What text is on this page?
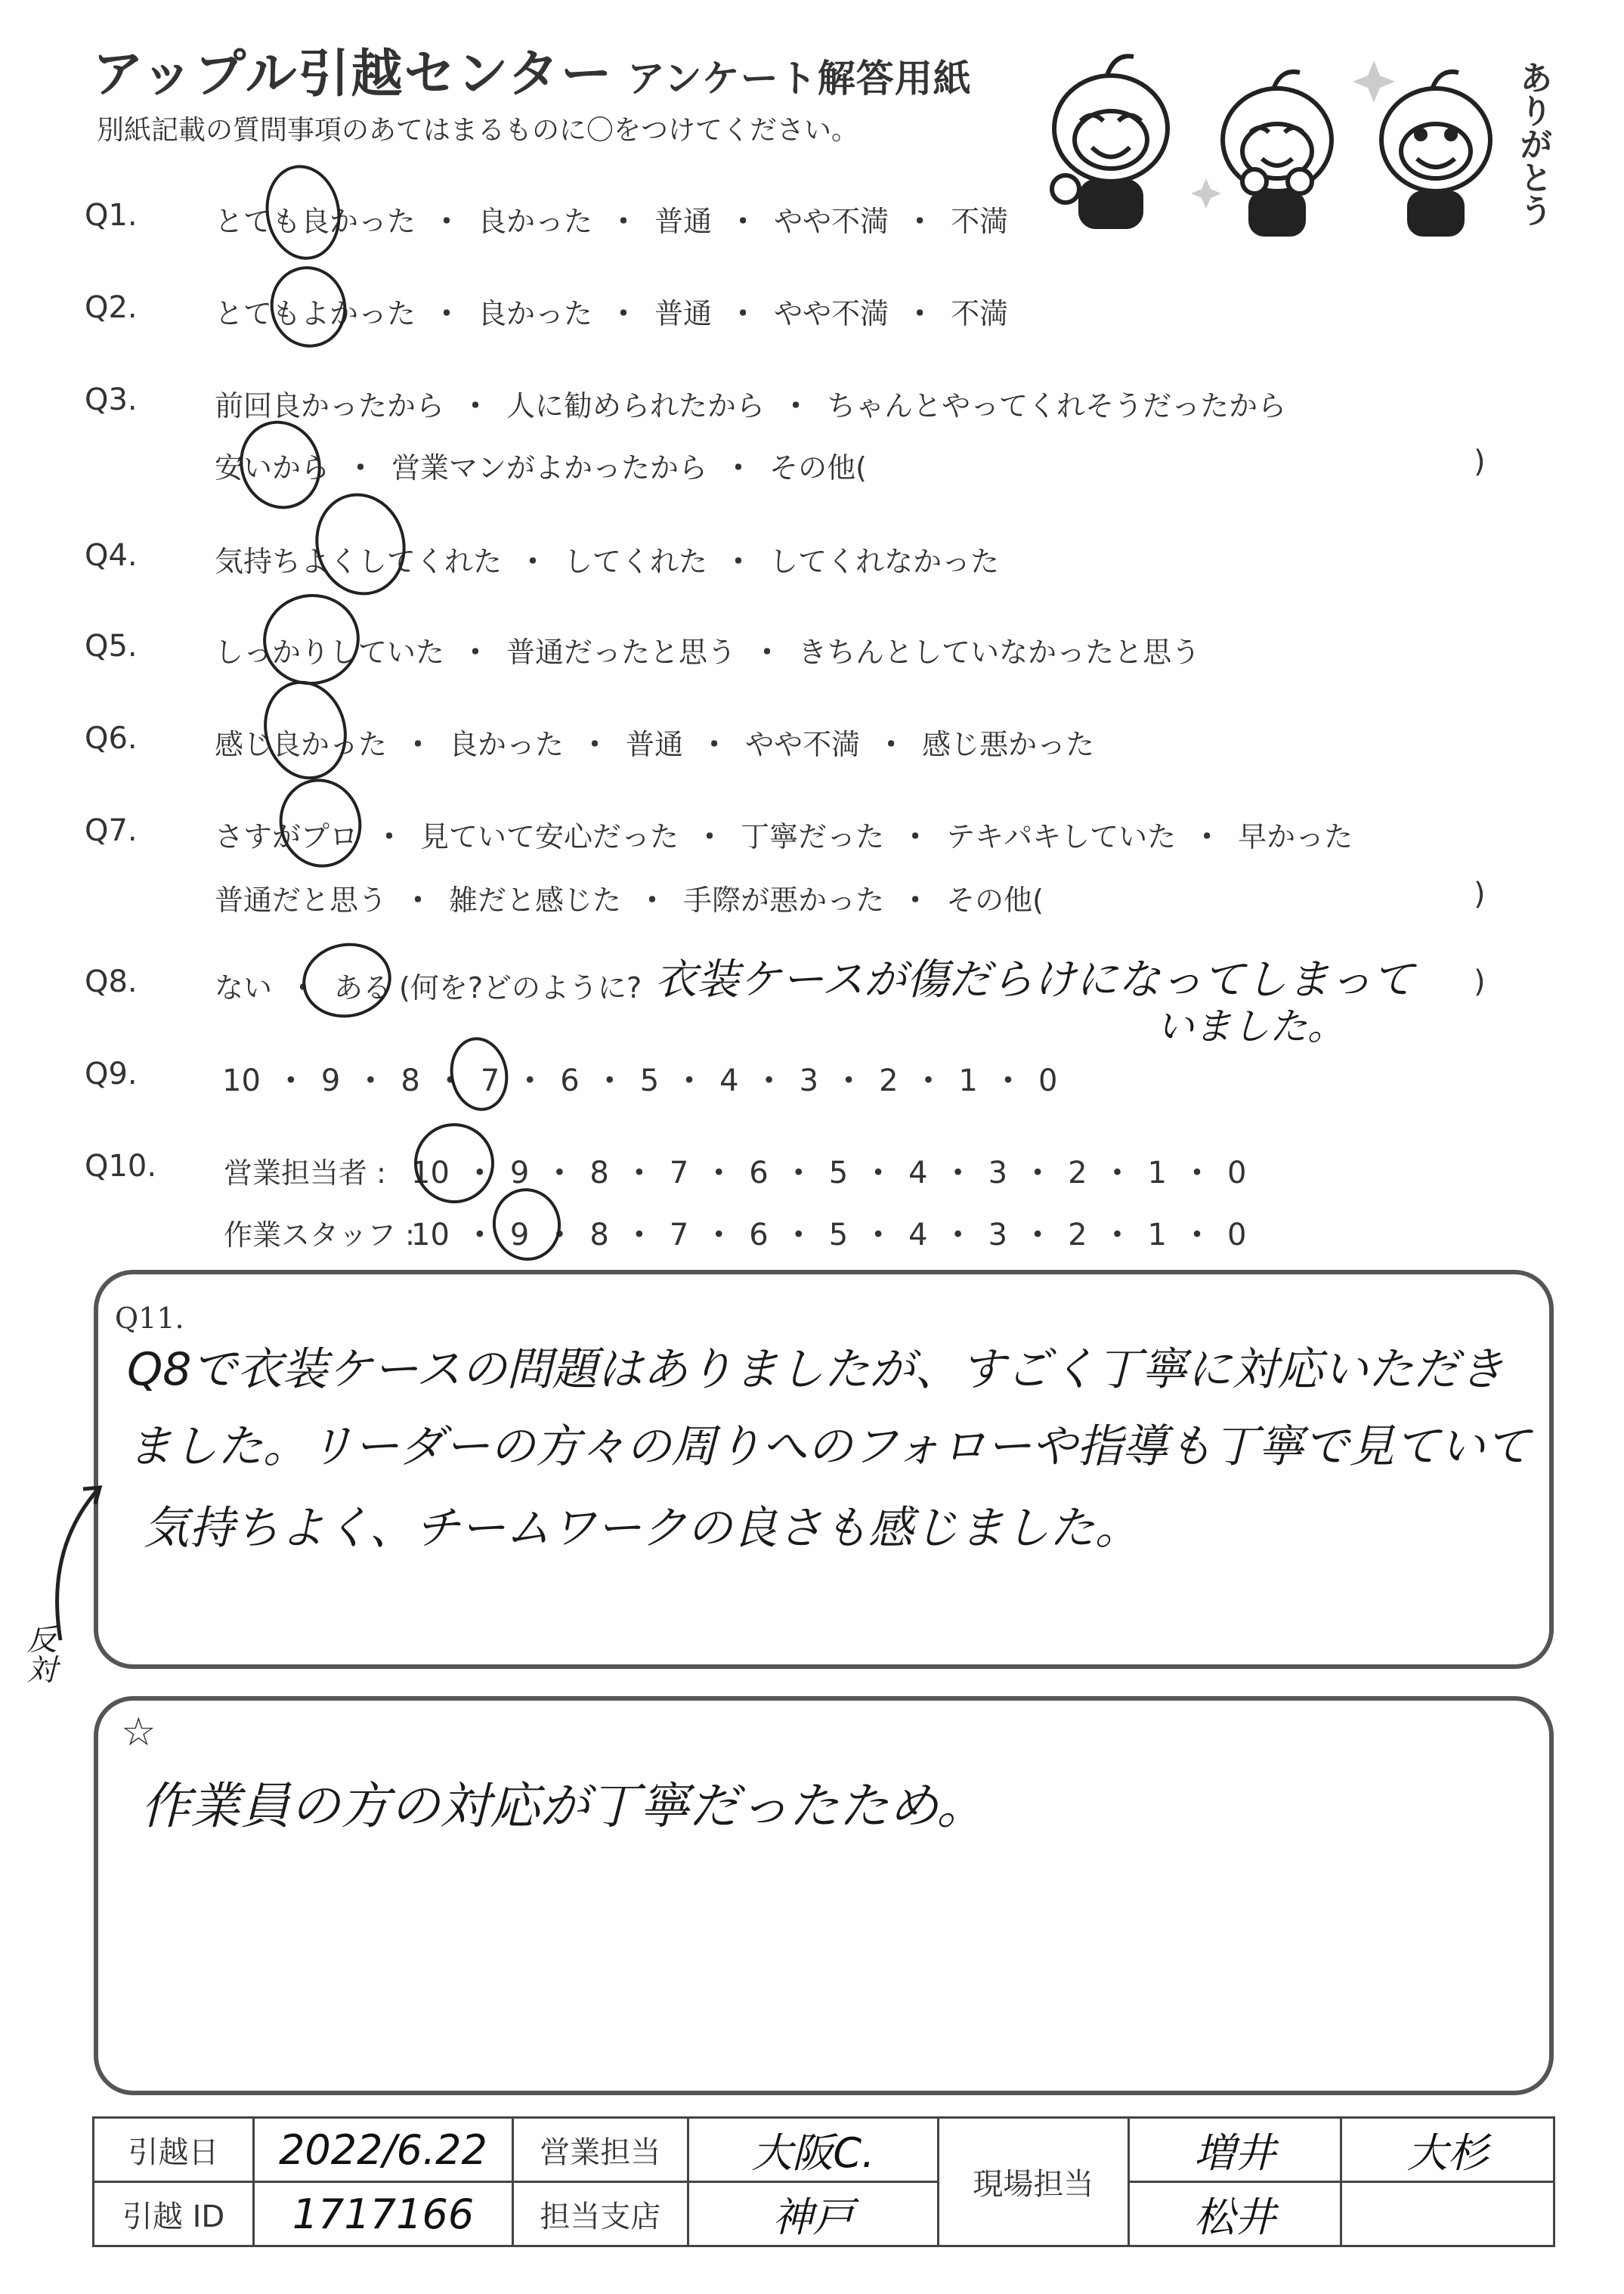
アップル引越センター アンケート解答用紙
別紙記載の質問事項のあてはまるものに〇をつけてください。	ありがとう
Q1.	とても良かった ・ 良かった ・ 普通 ・ やや不満 ・ 不満
Q2.	とてもよかった ・ 良かった ・ 普通 ・ やや不満 ・ 不満
Q3.	前回良かったから ・ 人に勧められたから ・ ちゃんとやってくれそうだったから
安いから ・ 営業マンがよかったから ・ その他(	)
Q4.	気持ちよくしてくれた ・ してくれた ・ してくれなかった
Q5.	しっかりしていた ・ 普通だったと思う ・ きちんとしていなかったと思う
Q6.	感じ良かった ・ 良かった ・ 普通 ・ やや不満 ・ 感じ悪かった
Q7.	さすがプロ ・ 見ていて安心だった ・ 丁寧だった ・ テキパキしていた ・ 早かった
普通だと思う ・ 雑だと感じた ・ 手際が悪かった ・ その他(	)
Q8.	ない ・ ある (何を?どのように?	)
衣装ケースが傷だらけになってしまって
いました。
Q9.	10 ・ 9 ・ 8 ・ 7 ・ 6 ・ 5 ・ 4 ・ 3 ・ 2 ・ 1 ・ 0
Q10. 営業担当者 : 10 ・ 9 ・ 8 ・ 7 ・ 6 ・ 5 ・ 4 ・ 3 ・ 2 ・ 1 ・ 0
作業スタッフ :10 ・ 9 ・ 8 ・ 7 ・ 6 ・ 5 ・ 4 ・ 3 ・ 2 ・ 1 ・ 0
Q11.
Q8で衣装ケースの問題はありましたが、すごく丁寧に対応いただき
ました。リーダーの方々の周りへのフォローや指導も丁寧で見ていて
気持ちよく、チームワークの良さも感じました。
反対
☆
作業員の方の対応が丁寧だったため。
引越日	2022/6.22	営業担当	大阪C.	現場担当	増井	大杉
引越 ID	1717166	担当支店	神戸		松井	
